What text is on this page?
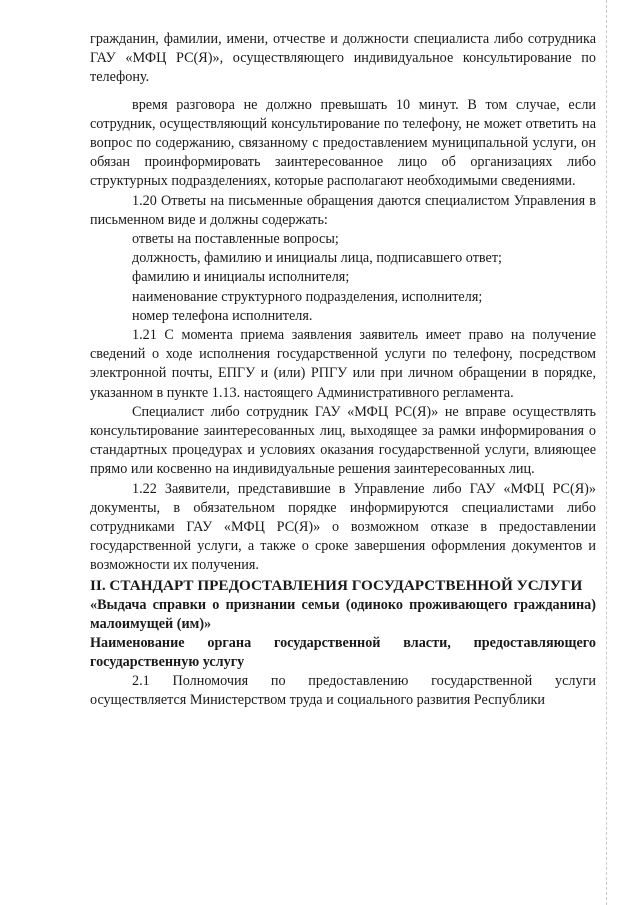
гражданин, фамилии, имени, отчестве и должности специалиста либо сотрудника ГАУ «МФЦ РС(Я)», осуществляющего индивидуальное консультирование по телефону.

время разговора не должно превышать 10 минут. В том случае, если сотрудник, осуществляющий консультирование по телефону, не может ответить на вопрос по содержанию, связанному с предоставлением муниципальной услуги, он обязан проинформировать заинтересованное лицо об организациях либо структурных подразделениях, которые располагают необходимыми сведениями.

1.20 Ответы на письменные обращения даются специалистом Управления в письменном виде и должны содержать:

ответы на поставленные вопросы;

должность, фамилию и инициалы лица, подписавшего ответ;

фамилию и инициалы исполнителя;

наименование структурного подразделения, исполнителя;

номер телефона исполнителя.

1.21 С момента приема заявления заявитель имеет право на получение сведений о ходе исполнения государственной услуги по телефону, посредством электронной почты, ЕПГУ и (или) РПГУ или при личном обращении в порядке, указанном в пункте 1.13. настоящего Административного регламента.

Специалист либо сотрудник ГАУ «МФЦ РС(Я)» не вправе осуществлять консультирование заинтересованных лиц, выходящее за рамки информирования о стандартных процедурах и условиях оказания государственной услуги, влияющее прямо или косвенно на индивидуальные решения заинтересованных лиц.

1.22 Заявители, представившие в Управление либо ГАУ «МФЦ РС(Я)» документы, в обязательном порядке информируются специалистами либо сотрудниками ГАУ «МФЦ РС(Я)» о возможном отказе в предоставлении государственной услуги, а также о сроке завершения оформления документов и возможности их получения.

II. СТАНДАРТ ПРЕДОСТАВЛЕНИЯ ГОСУДАРСТВЕННОЙ УСЛУГИ

«Выдача справки о признании семьи (одиноко проживающего гражданина) малоимущей (им)»

Наименование органа государственной власти, предоставляющего государственную услугу

2.1 Полномочия по предоставлению государственной услуги осуществляется Министерством труда и социального развития Республики
